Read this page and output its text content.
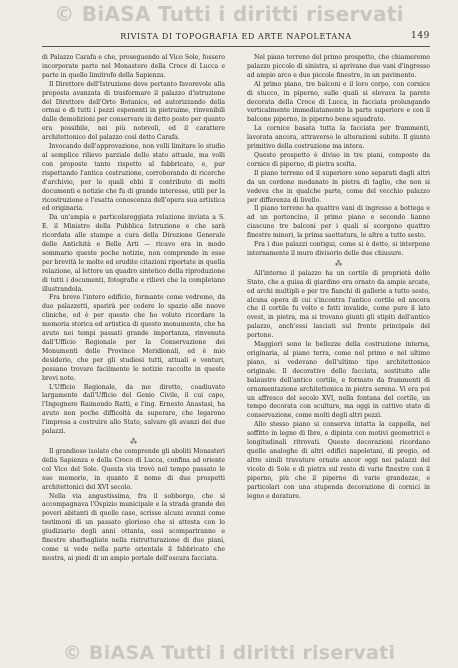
© BiASA Tutti i diritti riservati
RIVISTA DI TOPOGRAFIA ED ARTE NAPOLETANA	149

di Palazzo Carafa e che, proseguendo al Vico Sole, fossero incorporate parte nel Monastero della Croce di Lucca e parte in quello limitrofo della Sapienza.

Il Direttore dell'Istruzione deve pertanto favorevole alla proposta avanzata di trasformare il palazzo d'istruzione del Direttore dell'Orto Botanico, ed autorizzando della ormai e di tutti i pezzi esponenti in pietraime, rinvenibili dalle demolizioni per conservare in detto posto per quanto era possibile, nei più notevoli, ed il carattere architettonico del palazzo così detto Carafa.

Invocando dell'approvazione, non volli limitare lo studio al semplice rilievo parziale dello stato attuale, ma volli con proposte tanto rispetto al fabbricato, e, pur rispettando l'antica costruzione, corroborando di ricerche d'archivio, per le quali ebbi il contributo di molti documenti e notizie che fu di grande interesse, utili per la ricostruzione e l'esatta conoscenza dell'opera sua artistica ed originaria.

Da un'ampia e particolareggiata relazione inviata a S. E. il Ministro della Pubblica Istruzione e che sarà ricordata alle stampe a cura della Direzione Generale delle Antichità e Belle Arti — ricavo ora in modo sommario queste poche notizie, non comprendo in esse per brevità le molte ed erudite citazioni riportate in quella relazione, al lettore un quadro sintetico della riproduzione di tutti i documenti, fotografie e rilievi che la completano illustrandola.

Fra breve l'intero edificio, formante come vedremo, da due palazzetti, sparirà per cedere lo spazio alle nuove cliniche, ed è per questo che ho voluto ricordare la memoria storica ed artistica di questo monumento, che ha avuto nei tempi passati grande importanza, rinvenuta dall'Ufficio Regionale per la Conservazione dei Monumenti delle Province Meridionali, ed è mio desiderio, che per gli studiosi tutti, attuali e venturi, possano trovare facilmente le notizie raccolte in queste brevi note.

L'Ufficio Regionale, da me diretto, coadiuvato largamente dall'Ufficio del Genio Civile, il cui capo, l'Ingegnere Raimondo Ratti, e l'ing. Ernesto Anastasi, ha avuto non poche difficoltà da superare, che legarono l'impresa a costruire allo Stato, salvare gli avanzi dei due palazzi.

⁂

Il grandioso isolato che comprende gli aboliti Monasteri della Sapienza e della Croce di Lucca, confina ad oriente col Vico del Sole. Questa via trovò nel tempo passato le sue memorie, in quanto il nome di due prospetti architettonici del XVI secolo.

Nella via angustissima, fra il sobborgo, che si accompagnava l'Ospizio municipale e la strada grande dei poveri abitanti di quelle case, scrisse alcuni avanzi come testimoni di un passato glorioso che si attesta con lo giudiziario degli anni ottanta, essi scompariranno e finestre sbarbagliate nella ristrutturazione di due piani, come si vede nella parte orientale il fabbricato che mostra, ai piedi di un ampio portale dell'oscura facciata.

Nel piano terreno del primo prospetto, che chiameremo palazzo piccolo di sinistra, si aprivano due vani d'ingresso ad ampio arco e due piccole finestre, in un pavimento.

Al primo piano, tre balconi e il loro corpo, con cornice di stucco, in piperno, sulle quali si elevava la parete decorata della Croce di Lucca, in facciata prolungando verticalmente immediatamente la parte superiore e con il balcone piperno, in piperno bene squadrato.

La cornice basata tutta la facciata per frammenti, lavorata ancora, attraverso le alterazioni subite. Il giunto primitivo della costruzione ma intera.

Questo prospetto è diviso in tre piani, composto da cornice di piperno, di pietra scelta.

Il piano terreno ed il superiore sono separati dagli altri da un cordone modanato in pietra di taglio, che non si vedeva che in qualche parte, come del vecchio palazzo per differenza di livello.

Il piano terreno ha quattro vani di ingresso a bottega e ad un portoncino, il primo piano e secondo hanno ciascuno tre balconi per i quali si scorgono quattro finestre minori, la prima saettatura, le altre a tutto sesto.

Fra i due palazzi contigui, come si è detto, si interpone internamente il muro divisorio delle due chiusure.

⁂

All'interno il palazzo ha un cortile di proprietà dello Stato, che a guisa di giardino era ornato da ampie arcate, ed archi multipli e per tre fianchi di gallerie a tutto sesto, alcuna opera di cui s'incontra l'antico cortile ed ancora che il cortile fu volto e fatti invalide, come pure il lato ovest, in pietra, ma si trovano giunti gli stipiti dell'antico palazzo, anch'essi lasciati sul fronte principale del portone.

Maggiori sono le bellezze della costruzione interna, originaria, al piano terra, come nel primo e nel ultimo piano, si vedevano dell'ultimo tipo architettonico originale. Il decorativo dello facciata, sostituito alle balaustre dell'antico cortile, e formato da frammenti di ornamentazione architettonica in pietra serena. Vi era poi un affresco del secolo XVI, nella fontana del cortile, un tempo decorata con sculture, ma oggi in cattivo stato di conservazione, come molti degli altri pezzi.

Allo stesso piano si conserva intatta la cappella, nel soffitto in legno di Ibre, e dipinta con motivi geometrici e longitudinali ritrovati. Queste decorazioni ricordano quelle analoghe di altri edifici napoletani, di pregio, ed altre simili travature ornate ancor oggi nei palazzi del vicolo di Sole e di pietra sul resto di varie finestre con il piperno, più che il piperno di varie grandezze, e particolari con una stupenda decorazione di cornici in legno e dorature.

© BiASA Tutti i diritti riservati
